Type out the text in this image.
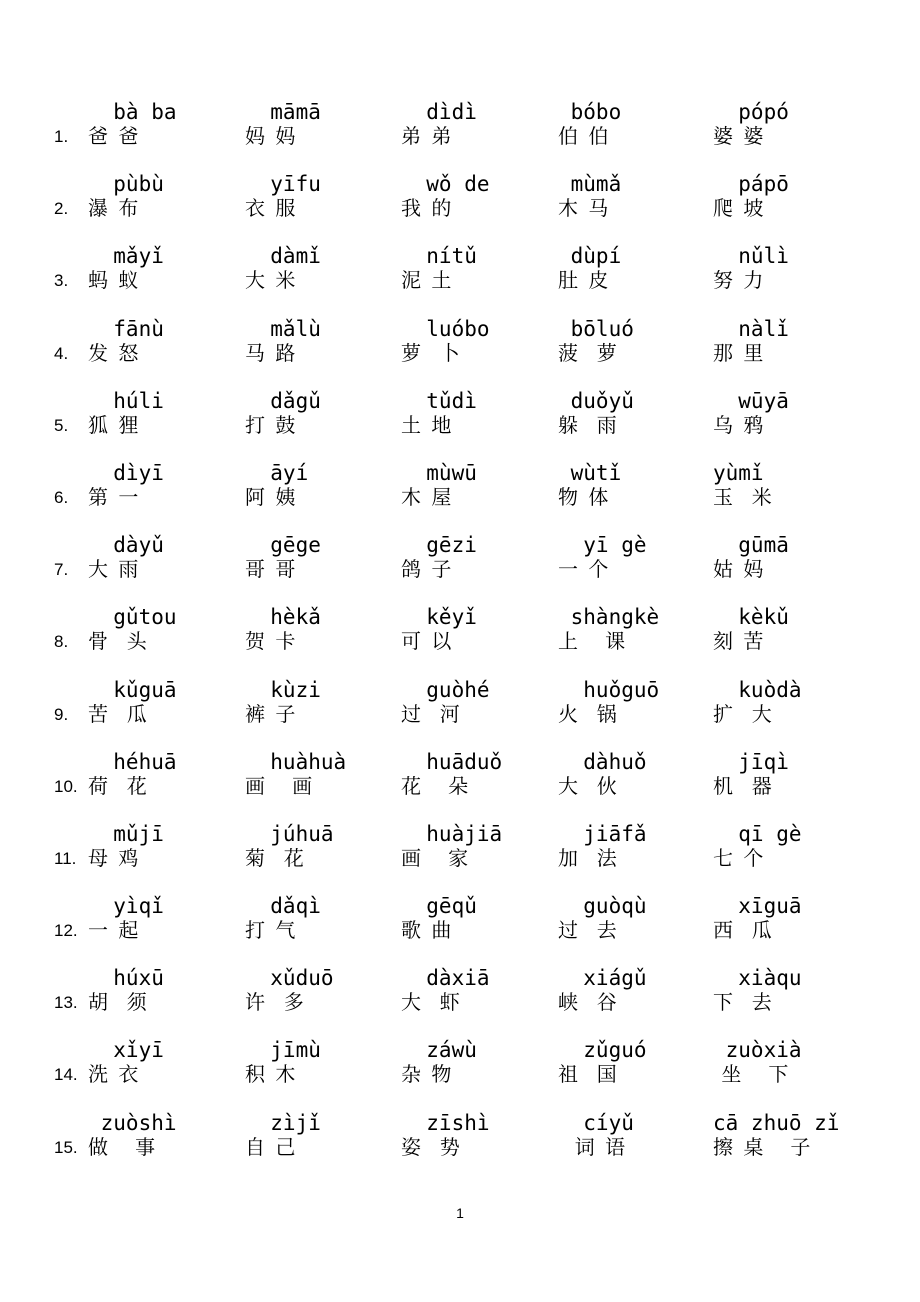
1.
bà ba
爸 爸
māmā
妈 妈
dìdì
弟 弟
bóbo
伯 伯
pópó
婆 婆
2.
pùbù
瀑 布
yīfu
衣 服
wǒ de
我 的
mùmǎ
木 马
pápō
爬 坡
3.
mǎyǐ
蚂 蚁
dàmǐ
大 米
nítǔ
泥 土
dùpí
肚 皮
nǔlì
努 力
4.
fānù
发 怒
mǎlù
马 路
luóbo
萝  卜
bōluó
菠  萝
nàlǐ
那 里
5.
húli
狐 狸
dǎgǔ
打 鼓
tǔdì
土 地
duǒyǔ
躲  雨
wūyā
乌 鸦
6.
dìyī
第 一
āyí
阿 姨
mùwū
木 屋
wùtǐ
物 体
yùmǐ
玉  米
7.
dàyǔ
大 雨
gēge
哥 哥
gēzi
鸽 子
yī gè
一 个
gūmā
姑 妈
8.
gǔtou
骨  头
hèkǎ
贺 卡
kěyǐ
可 以
shàngkè
上   课
kèkǔ
刻 苦
9.
kǔguā
苦  瓜
kùzi
裤 子
guòhé
过  河
huǒguō
火  锅
kuòdà
扩  大
10.
héhuā
荷  花
huàhuà
画   画
huāduǒ
花   朵
dàhuǒ
大  伙
jīqì
机  器
11.
mǔjī
母 鸡
júhuā
菊  花
huàjiā
画   家
jiāfǎ
加  法
qī gè
七 个
12.
yìqǐ
一 起
dǎqì
打 气
gēqǔ
歌 曲
guòqù
过  去
xīguā
西  瓜
13.
húxū
胡  须
xǔduō
许  多
dàxiā
大  虾
xiágǔ
峡  谷
xiàqu
下  去
14.
xǐyī
洗 衣
jīmù
积 木
záwù
杂 物
zǔguó
祖  国
zuòxià
坐   下
15.
zuòshì
做   事
zìjǐ
自 己
zīshì
姿  势
cíyǔ
词 语
cā zhuō zǐ
擦 桌   子
1
